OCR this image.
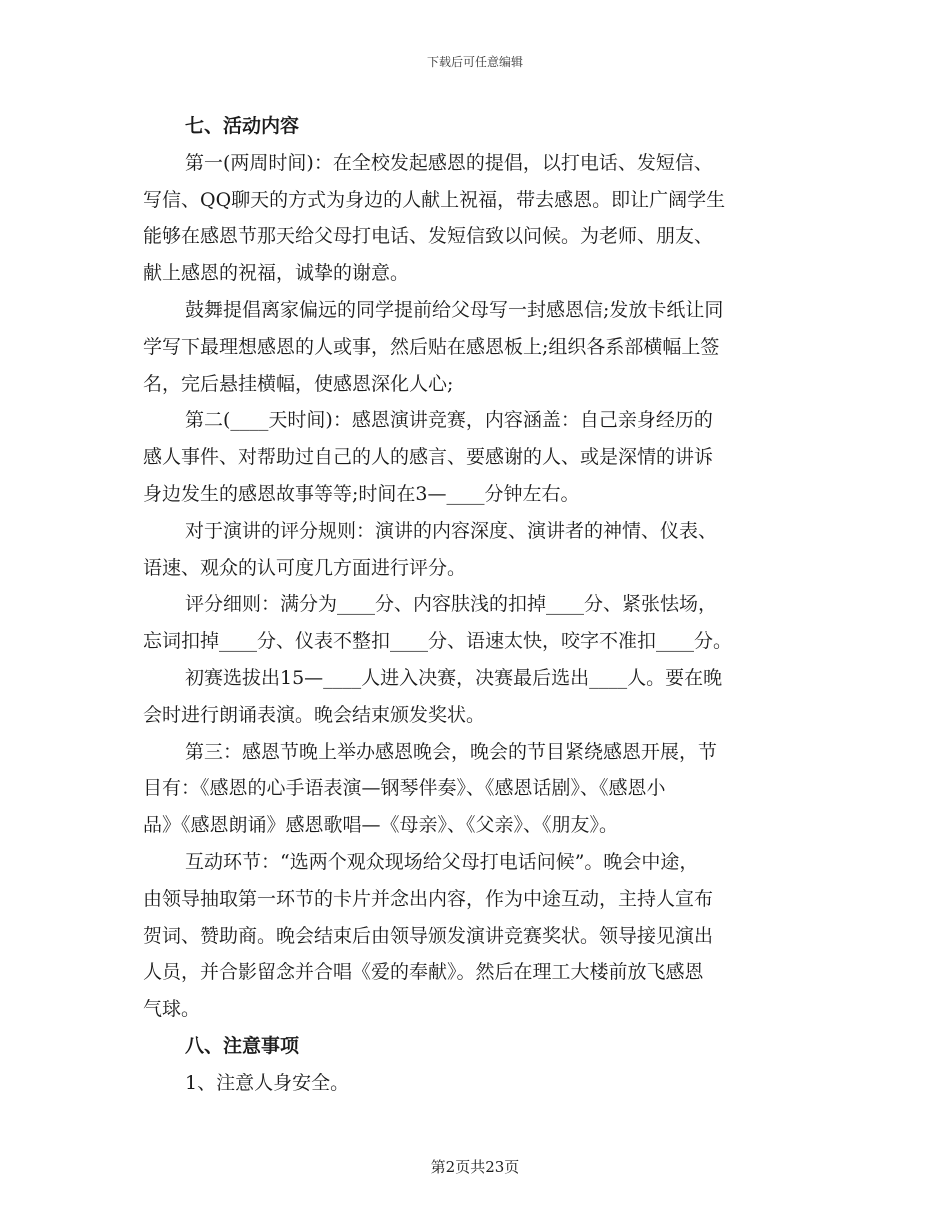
下载后可任意编辑
七、活动内容
第一(两周时间)：在全校发起感恩的提倡，以打电话、发短信、
写信、QQ聊天的方式为身边的人献上祝福，带去感恩。即让广阔学生
能够在感恩节那天给父母打电话、发短信致以问候。为老师、朋友、
献上感恩的祝福，诚挚的谢意。
鼓舞提倡离家偏远的同学提前给父母写一封感恩信;发放卡纸让同
学写下最理想感恩的人或事，然后贴在感恩板上;组织各系部横幅上签
名，完后悬挂横幅，使感恩深化人心;
第二(____天时间)：感恩演讲竞赛，内容涵盖：自己亲身经历的
感人事件、对帮助过自己的人的感言、要感谢的人、或是深情的讲诉
身边发生的感恩故事等等;时间在3—____分钟左右。
对于演讲的评分规则：演讲的内容深度、演讲者的神情、仪表、
语速、观众的认可度几方面进行评分。
评分细则：满分为____分、内容肤浅的扣掉____分、紧张怯场，
忘词扣掉____分、仪表不整扣____分、语速太快，咬字不准扣____分。
初赛选拔出15—____人进入决赛，决赛最后选出____人。要在晚
会时进行朗诵表演。晚会结束颁发奖状。
第三：感恩节晚上举办感恩晚会，晚会的节目紧绕感恩开展，节
目有：《感恩的心手语表演—钢琴伴奏》、《感恩话剧》、《感恩小
品》《感恩朗诵》感恩歌唱—《母亲》、《父亲》、《朋友》。
互动环节：“选两个观众现场给父母打电话问候”。晚会中途，
由领导抽取第一环节的卡片并念出内容，作为中途互动，主持人宣布
贺词、赞助商。晚会结束后由领导颁发演讲竞赛奖状。领导接见演出
人员，并合影留念并合唱《爱的奉献》。然后在理工大楼前放飞感恩
气球。
八、注意事项
1、注意人身安全。
第2页共23页
